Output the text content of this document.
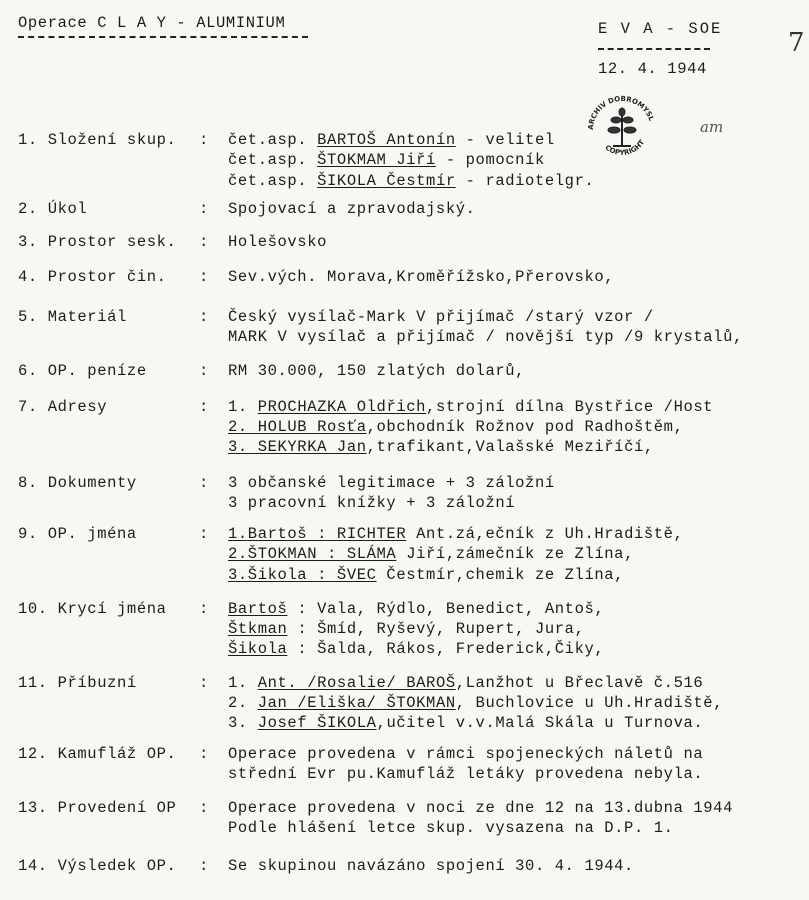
Operace C L A Y - ALUMINIUM	E V A - SOE
12. 4. 1944
7
ARCHIV DOBROMYSL
COPYRIGHT
am
1. Složení skup. : čet.asp. BARTOŠ Antonín - velitel
čet.asp. ŠTOKMAM Jiří - pomocník
čet.asp. ŠIKOLA Čestmír - radiotelgr.
2. Úkol	: Spojovací a zpravodajský.
3. Prostor sesk. : Holešovsko
4. Prostor čin. : Sev.vých. Morava,Kroměřížsko,Přerovsko,
5. Materiál	: Český vysílač-Mark V přijímač /starý vzor /
MARK V vysílač a přijímač / novější typ /9 krystalů,
6. OP. peníze	: RM 30.000, 150 zlatých dolarů,
7. Adresy	: 1. PROCHAZKA Oldřich,strojní dílna Bystřice /Host
2. HOLUB Rosťa,obchodník Rožnov pod Radhoštěm,
3. SEKYRKA Jan,trafikant,Valašské Meziříčí,
8. Dokumenty	: 3 občanské legitimace + 3 záložní
3 pracovní knížky + 3 záložní
9. OP. jména	: 1.Bartoš : RICHTER Ant.zá,ečník z Uh.Hradiště,
2.ŠTOKMAN : SLÁMA Jiří,zámečník ze Zlína,
3.Šikola : ŠVEC Čestmír,chemik ze Zlína,
10. Krycí jména : Bartoš : Vala, Rýdlo, Benedict, Antoš,
Štkman : Šmíd, Ryševý, Rupert, Jura,
Šikola : Šalda, Rákos, Frederick,Čiky,
11. Příbuzní	: 1. Ant. /Rosalie/ BAROŠ,Lanžhot u Břeclavě č.516
2. Jan /Eliška/ ŠTOKMAN, Buchlovice u Uh.Hradiště,
3. Josef ŠIKOLA,učitel v.v.Malá Skála u Turnova.
12. Kamufláž OP. : Operace provedena v rámci spojeneckých náletů na
střední Evr pu.Kamufláž letáky provedena nebyla.
13. Provedení OP : Operace provedena v noci ze dne 12 na 13.dubna 1944
Podle hlášení letce skup. vysazena na D.P. 1.
14. Výsledek OP. : Se skupinou navázáno spojení 30. 4. 1944.
